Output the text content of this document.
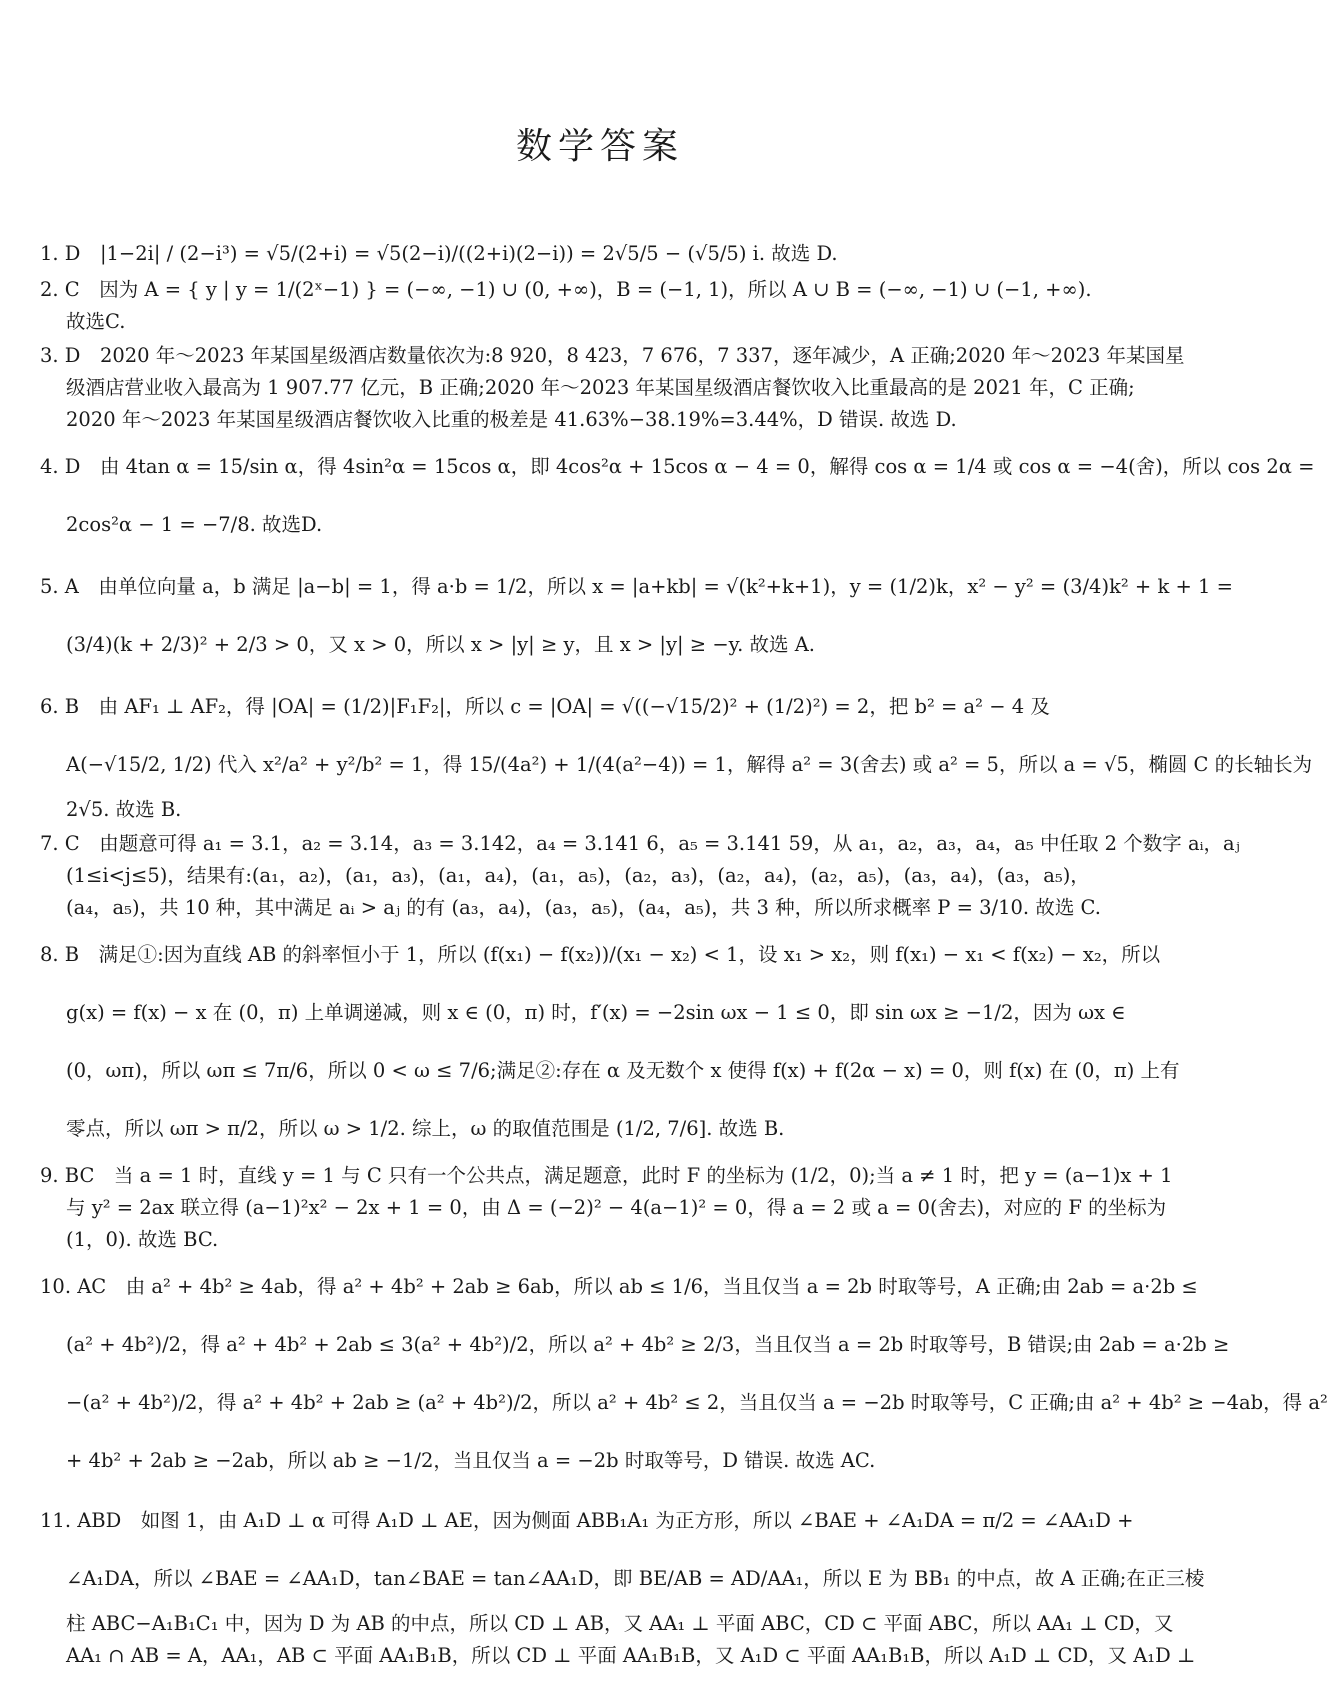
数学答案
1. D　|1−2i| / (2−i³) = √5/(2+i) = √5(2−i)/((2+i)(2−i)) = 2√5/5 − (√5/5) i. 故选 D.
2. C　因为 A = { y | y = 1/(2ˣ−1) } = (−∞, −1) ∪ (0, +∞)，B = (−1, 1)，所以 A ∪ B = (−∞, −1) ∪ (−1, +∞).
故选C.
3. D　2020 年～2023 年某国星级酒店数量依次为:8 920，8 423，7 676，7 337，逐年减少，A 正确;2020 年～2023 年某国星
级酒店营业收入最高为 1 907.77 亿元，B 正确;2020 年～2023 年某国星级酒店餐饮收入比重最高的是 2021 年，C 正确;
2020 年～2023 年某国星级酒店餐饮收入比重的极差是 41.63%−38.19%=3.44%，D 错误. 故选 D.
4. D　由 4tan α = 15/sin α，得 4sin²α = 15cos α，即 4cos²α + 15cos α − 4 = 0，解得 cos α = 1/4 或 cos α = −4(舍)，所以 cos 2α =
2cos²α − 1 = −7/8. 故选D.
5. A　由单位向量 a，b 满足 |a−b| = 1，得 a·b = 1/2，所以 x = |a+kb| = √(k²+k+1)，y = (1/2)k，x² − y² = (3/4)k² + k + 1 =
(3/4)(k + 2/3)² + 2/3 > 0，又 x > 0，所以 x > |y| ≥ y，且 x > |y| ≥ −y. 故选 A.
6. B　由 AF₁ ⊥ AF₂，得 |OA| = (1/2)|F₁F₂|，所以 c = |OA| = √((−√15/2)² + (1/2)²) = 2，把 b² = a² − 4 及
A(−√15/2, 1/2) 代入 x²/a² + y²/b² = 1，得 15/(4a²) + 1/(4(a²−4)) = 1，解得 a² = 3(舍去) 或 a² = 5，所以 a = √5，椭圆 C 的长轴长为
2√5. 故选 B.
7. C　由题意可得 a₁ = 3.1，a₂ = 3.14，a₃ = 3.142，a₄ = 3.141 6，a₅ = 3.141 59，从 a₁，a₂，a₃，a₄，a₅ 中任取 2 个数字 aᵢ，aⱼ
(1≤i<j≤5)，结果有:(a₁，a₂)，(a₁，a₃)，(a₁，a₄)，(a₁，a₅)，(a₂，a₃)，(a₂，a₄)，(a₂，a₅)，(a₃，a₄)，(a₃，a₅)，
(a₄，a₅)，共 10 种，其中满足 aᵢ > aⱼ 的有 (a₃，a₄)，(a₃，a₅)，(a₄，a₅)，共 3 种，所以所求概率 P = 3/10. 故选 C.
8. B　满足①:因为直线 AB 的斜率恒小于 1，所以 (f(x₁) − f(x₂))/(x₁ − x₂) < 1，设 x₁ > x₂，则 f(x₁) − x₁ < f(x₂) − x₂，所以
g(x) = f(x) − x 在 (0，π) 上单调递减，则 x ∈ (0，π) 时，f′(x) = −2sin ωx − 1 ≤ 0，即 sin ωx ≥ −1/2，因为 ωx ∈
(0，ωπ)，所以 ωπ ≤ 7π/6，所以 0 < ω ≤ 7/6;满足②:存在 α 及无数个 x 使得 f(x) + f(2α − x) = 0，则 f(x) 在 (0，π) 上有
零点，所以 ωπ > π/2，所以 ω > 1/2. 综上，ω 的取值范围是 (1/2, 7/6]. 故选 B.
9. BC　当 a = 1 时，直线 y = 1 与 C 只有一个公共点，满足题意，此时 F 的坐标为 (1/2，0);当 a ≠ 1 时，把 y = (a−1)x + 1
与 y² = 2ax 联立得 (a−1)²x² − 2x + 1 = 0，由 Δ = (−2)² − 4(a−1)² = 0，得 a = 2 或 a = 0(舍去)，对应的 F 的坐标为
(1，0). 故选 BC.
10. AC　由 a² + 4b² ≥ 4ab，得 a² + 4b² + 2ab ≥ 6ab，所以 ab ≤ 1/6，当且仅当 a = 2b 时取等号，A 正确;由 2ab = a·2b ≤
(a² + 4b²)/2，得 a² + 4b² + 2ab ≤ 3(a² + 4b²)/2，所以 a² + 4b² ≥ 2/3，当且仅当 a = 2b 时取等号，B 错误;由 2ab = a·2b ≥
−(a² + 4b²)/2，得 a² + 4b² + 2ab ≥ (a² + 4b²)/2，所以 a² + 4b² ≤ 2，当且仅当 a = −2b 时取等号，C 正确;由 a² + 4b² ≥ −4ab，得 a²
+ 4b² + 2ab ≥ −2ab，所以 ab ≥ −1/2，当且仅当 a = −2b 时取等号，D 错误. 故选 AC.
11. ABD　如图 1，由 A₁D ⊥ α 可得 A₁D ⊥ AE，因为侧面 ABB₁A₁ 为正方形，所以 ∠BAE + ∠A₁DA = π/2 = ∠AA₁D +
∠A₁DA，所以 ∠BAE = ∠AA₁D，tan∠BAE = tan∠AA₁D，即 BE/AB = AD/AA₁，所以 E 为 BB₁ 的中点，故 A 正确;在正三棱
柱 ABC−A₁B₁C₁ 中，因为 D 为 AB 的中点，所以 CD ⊥ AB，又 AA₁ ⊥ 平面 ABC，CD ⊂ 平面 ABC，所以 AA₁ ⊥ CD，又
AA₁ ∩ AB = A，AA₁，AB ⊂ 平面 AA₁B₁B，所以 CD ⊥ 平面 AA₁B₁B，又 A₁D ⊂ 平面 AA₁B₁B，所以 A₁D ⊥ CD，又 A₁D ⊥
